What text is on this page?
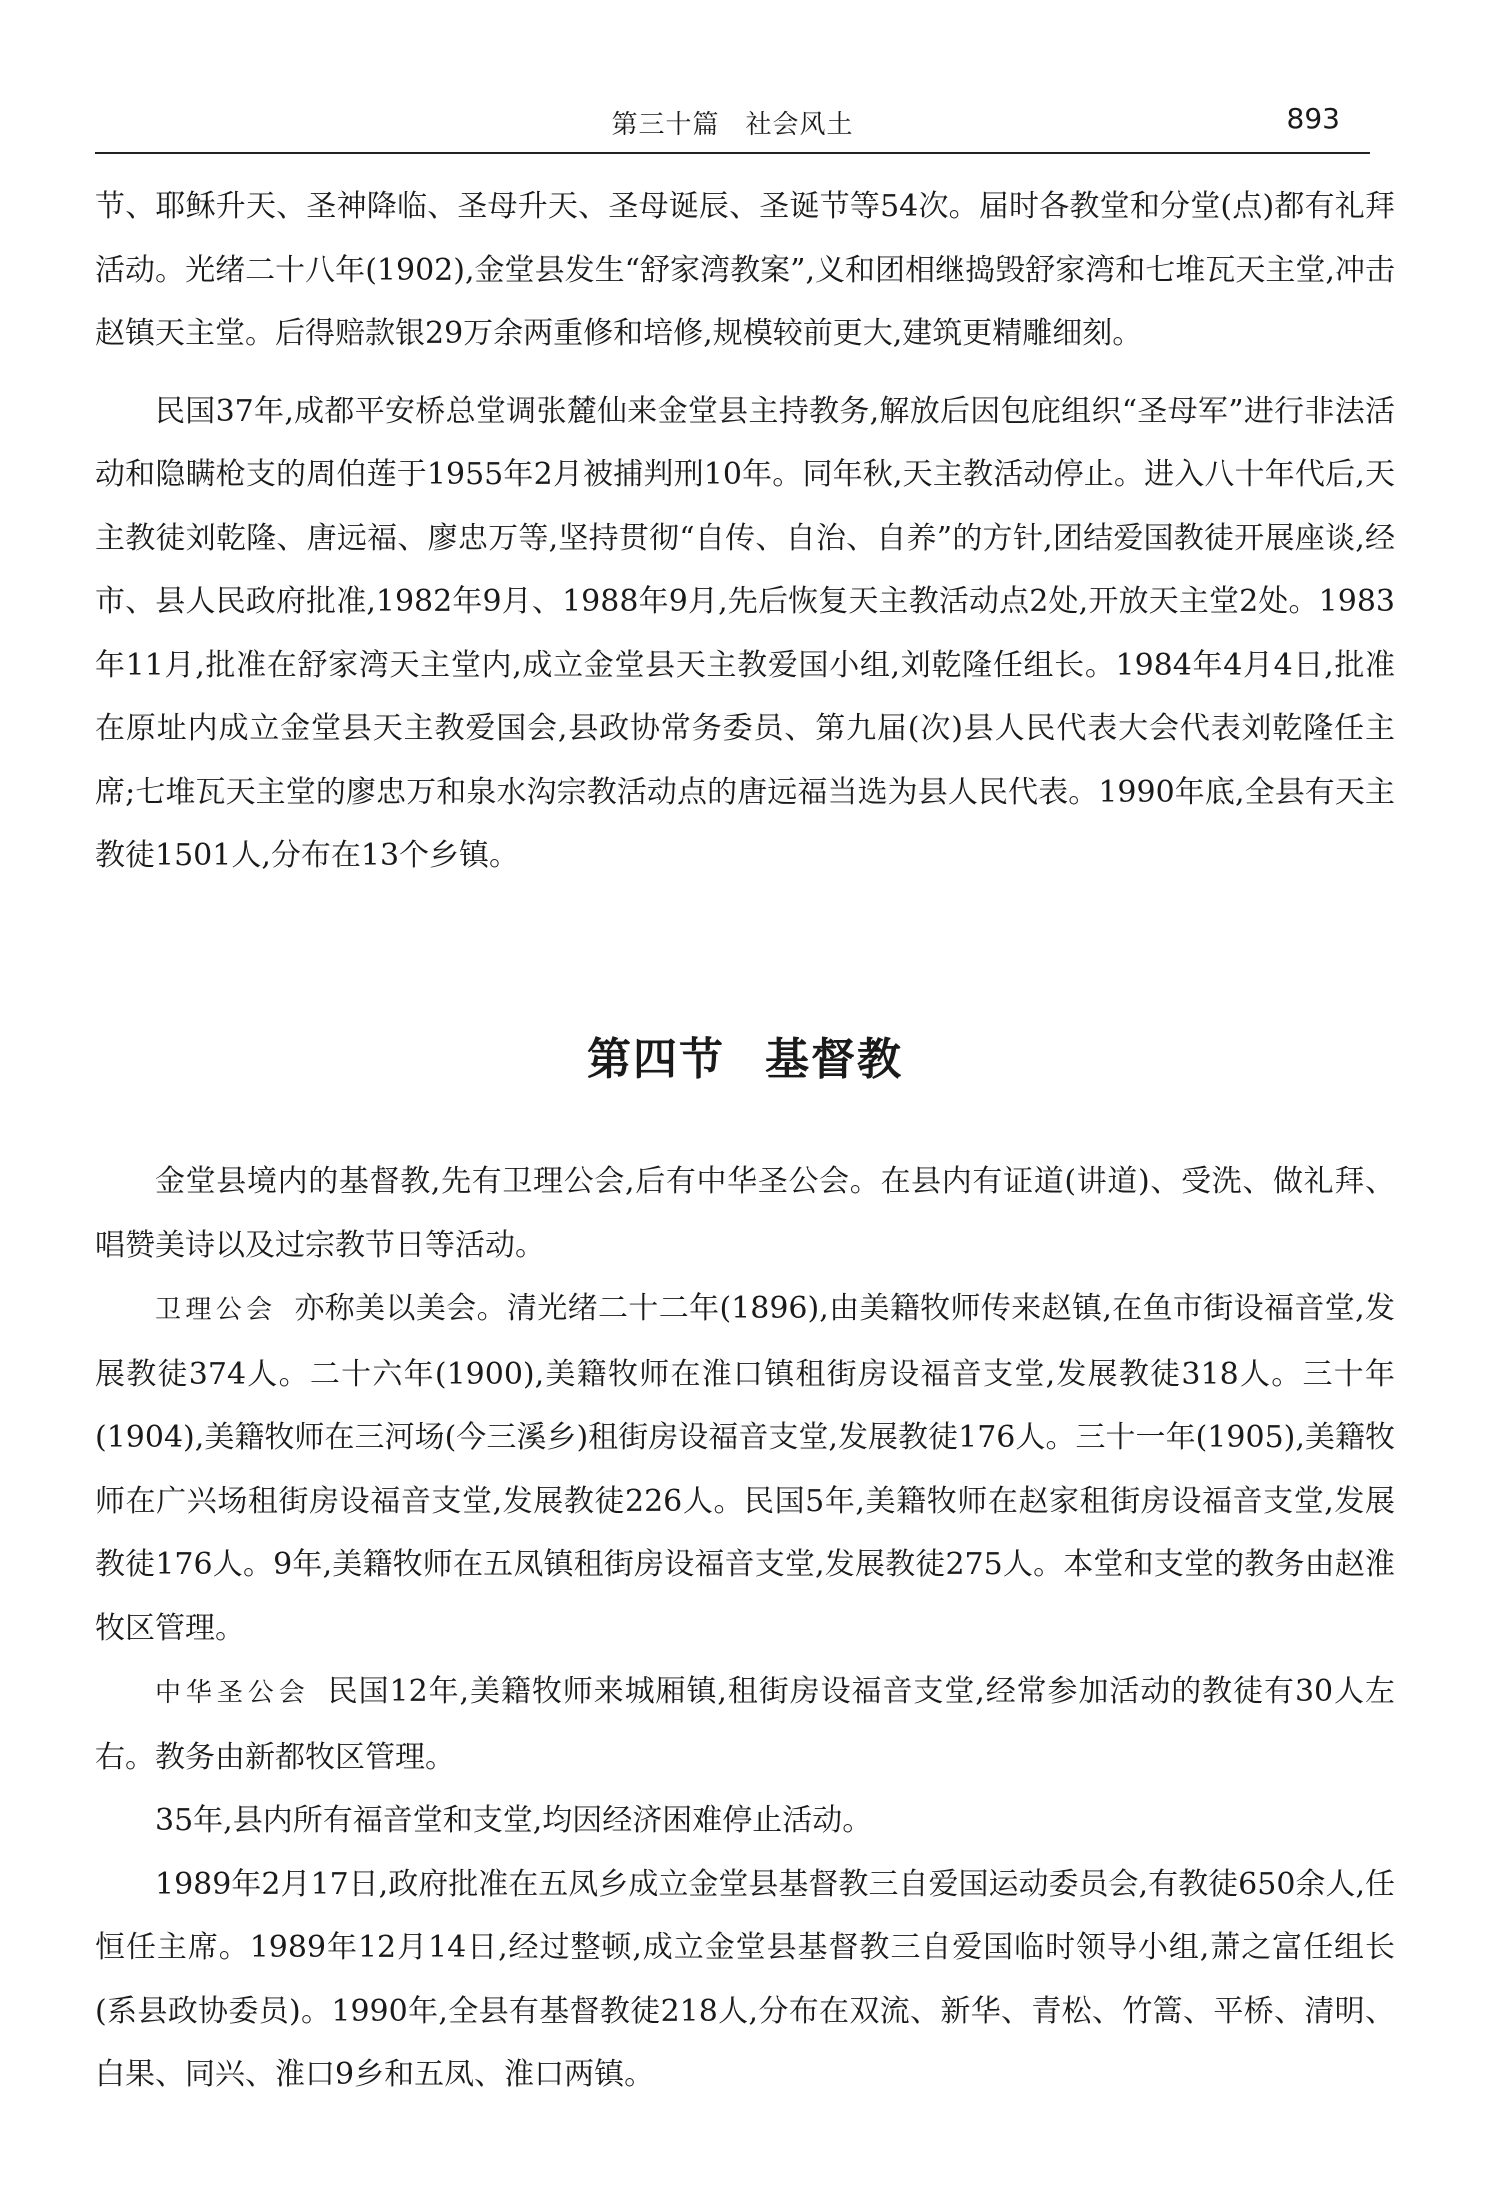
第三十篇 社会风土	893

节、耶稣升天、圣神降临、圣母升天、圣母诞辰、圣诞节等54次。届时各教堂和分堂(点)都有礼拜活动。光绪二十八年(1902),金堂县发生“舒家湾教案”,义和团相继捣毁舒家湾和七堆瓦天主堂,冲击赵镇天主堂。后得赔款银29万余两重修和培修,规模较前更大,建筑更精雕细刻。

民国37年,成都平安桥总堂调张麓仙来金堂县主持教务,解放后因包庇组织“圣母军”进行非法活动和隐瞒枪支的周伯莲于1955年2月被捕判刑10年。同年秋,天主教活动停止。进入八十年代后,天主教徒刘乾隆、唐远福、廖忠万等,坚持贯彻“自传、自治、自养”的方针,团结爱国教徒开展座谈,经市、县人民政府批准,1982年9月、1988年9月,先后恢复天主教活动点2处,开放天主堂2处。1983年11月,批准在舒家湾天主堂内,成立金堂县天主教爱国小组,刘乾隆任组长。1984年4月4日,批准在原址内成立金堂县天主教爱国会,县政协常务委员、第九届(次)县人民代表大会代表刘乾隆任主席;七堆瓦天主堂的廖忠万和泉水沟宗教活动点的唐远福当选为县人民代表。1990年底,全县有天主教徒1501人,分布在13个乡镇。

第四节 基督教

金堂县境内的基督教,先有卫理公会,后有中华圣公会。在县内有证道(讲道)、受洗、做礼拜、唱赞美诗以及过宗教节日等活动。

卫理公会 亦称美以美会。清光绪二十二年(1896),由美籍牧师传来赵镇,在鱼市街设福音堂,发展教徒374人。二十六年(1900),美籍牧师在淮口镇租街房设福音支堂,发展教徒318人。三十年(1904),美籍牧师在三河场(今三溪乡)租街房设福音支堂,发展教徒176人。三十一年(1905),美籍牧师在广兴场租街房设福音支堂,发展教徒226人。民国5年,美籍牧师在赵家租街房设福音支堂,发展教徒176人。9年,美籍牧师在五凤镇租街房设福音支堂,发展教徒275人。本堂和支堂的教务由赵淮牧区管理。

中华圣公会 民国12年,美籍牧师来城厢镇,租街房设福音支堂,经常参加活动的教徒有30人左右。教务由新都牧区管理。

35年,县内所有福音堂和支堂,均因经济困难停止活动。

1989年2月17日,政府批准在五凤乡成立金堂县基督教三自爱国运动委员会,有教徒650余人,任恒任主席。1989年12月14日,经过整顿,成立金堂县基督教三自爱国临时领导小组,萧之富任组长(系县政协委员)。1990年,全县有基督教徒218人,分布在双流、新华、青松、竹篙、平桥、清明、白果、同兴、淮口9乡和五凤、淮口两镇。
